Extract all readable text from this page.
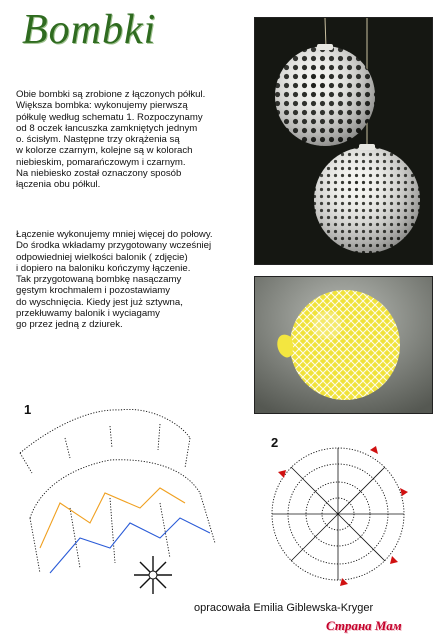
Bombki
Obie bombki są zrobione z łączonych półkul.
Większa bombka: wykonujemy pierwszą
półkulę według schematu 1. Rozpoczynamy
od 8 oczek łancuszka zamkniętych jednym
o. ścisłym. Następne trzy okrążenia są
w kolorze czarnym, kolejne są w kolorach
niebieskim, pomarańczowym i czarnym.
Na niebiesko został oznaczony sposób
łączenia obu półkul.
Łączenie wykonujemy mniej więcej do połowy.
Do środka wkładamy przygotowany wcześniej
odpowiedniej wielkości balonik ( zdjęcie)
i dopiero na baloniku kończymy łączenie.
Tak przygotowaną bombkę nasączamy
gęstym krochmalem i pozostawiamy
do wyschnięcia. Kiedy jest już sztywna,
przekłuwamy balonik i wyciagamy
go przez jedną z dziurek.
1
2
opracowała Emilia Giblewska-Kryger
Страна Мам
